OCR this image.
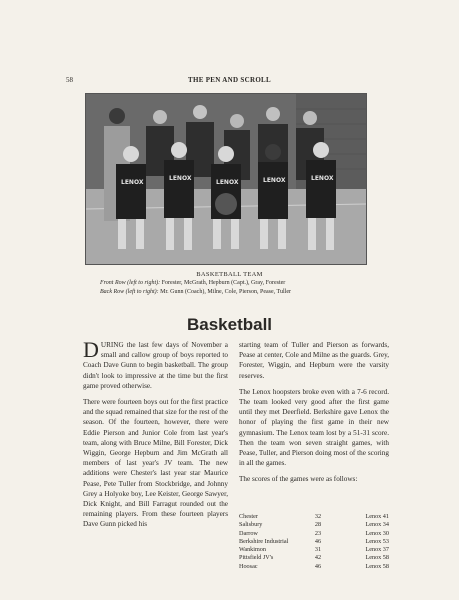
58	THE PEN AND SCROLL
LENOX
LENOX
LENOX	LENOX	LENOX
BASKETBALL TEAM
Front Row (left to right): Forester, McGrath, Hepburn (Capt.), Gray, Forester
Back Row (left to right): Mr. Gunn (Coach), Milne, Cole, Pierson, Pease, Tuller
Basketball

DURING the last few days of November a small and callow group of boys reported to Coach Dave Gunn to begin basketball. The group didn't look to impressive at the time but the first game proved otherwise.

There were fourteen boys out for the first practice and the squad remained that size for the rest of the season. Of the fourteen, however, there were Eddie Pierson and Junior Cole from last year's team, along with Bruce Milne, Bill Forester, Dick Wiggin, George Hepburn and Jim McGrath all members of last year's JV team. The new additions were Chester's last year star Maurice Pease, Pete Tuller from Stockbridge, and Johnny Grey a Holyoke boy, Lee Keister, George Sawyer, Dick Knight, and Bill Farragut rounded out the remaining players. From these fourteen players Dave Gunn picked his

starting team of Tuller and Pierson as forwards, Pease at center, Cole and Milne as the guards. Grey, Forester, Wiggin, and Hepburn were the varsity reserves.

The Lenox hoopsters broke even with a 7-6 record. The team looked very good after the first game until they met Deerfield. Berkshire gave Lenox the honor of playing the first game in their new gymnasium. The Lenox team lost by a 51-31 score. Then the team won seven straight games, with Pease, Tuller, and Pierson doing most of the scoring in all the games.

The scores of the games were as follows:

Chester	32	Lenox 41
Salisbury	28	Lenox 34
Darrow	23	Lenox 30
Berkshire Industrial	46	Lenox 53
Wankimon	31	Lenox 37
Pittsfield JV's	42	Lenox 58
Hoosac	46	Lenox 58
